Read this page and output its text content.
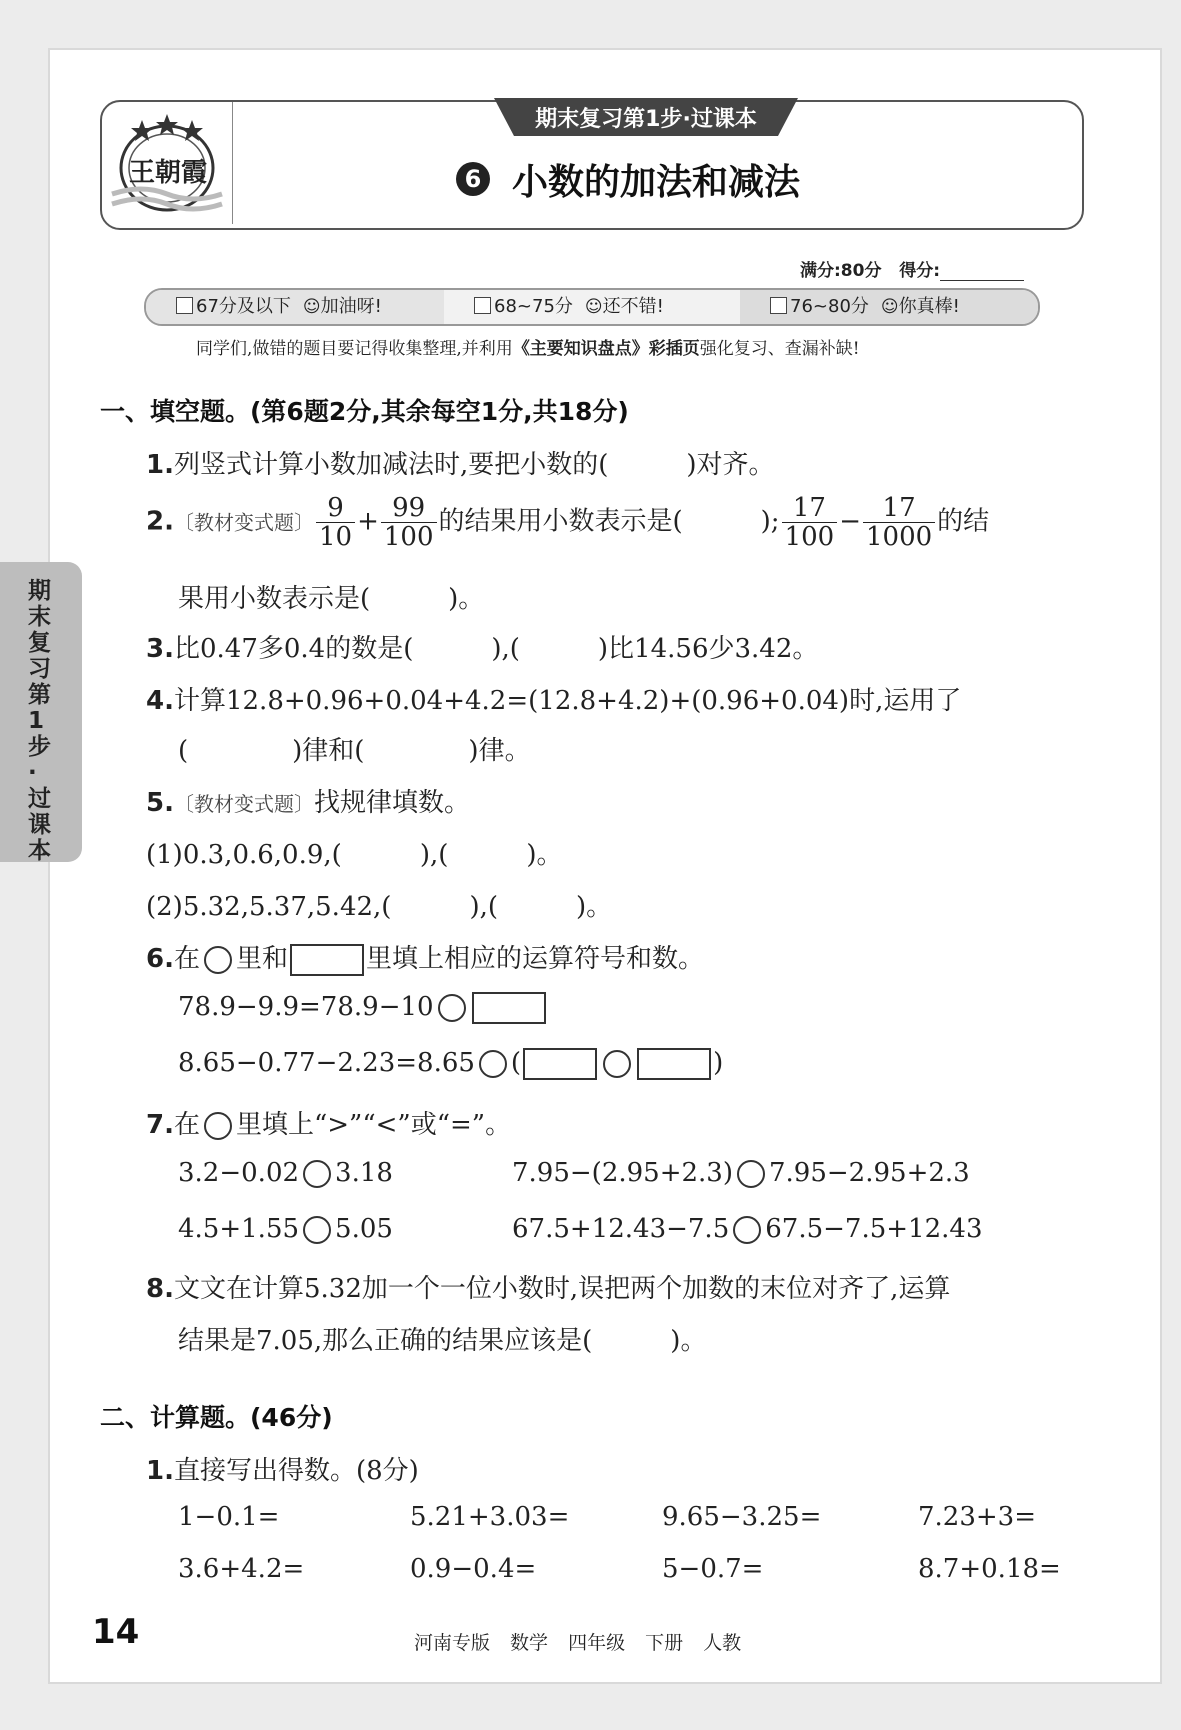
期末复习第1步·过课本
王朝霞
期末复习第1步·过课本
6 小数的加法和减法
满分:80分 得分:
67分及以下 ☺加油呀!	68~75分 ☺还不错!	76~80分 ☺你真棒!
同学们,做错的题目要记得收集整理,并利用《主要知识盘点》彩插页强化复习、查漏补缺!
一、填空题。(第6题2分,其余每空1分,共18分)
1.列竖式计算小数加减法时,要把小数的(　　　)对齐。
2.〔教材变式题〕 $\frac{9}{10} + \frac{99}{100}$ 的结果用小数表示是(　　　); $\frac{17}{100} - \frac{17}{1000}$ 的结
果用小数表示是(　　　)。
3.比0.47多0.4的数是(　　　),(　　　)比14.56少3.42。
4.计算12.8+0.96+0.04+4.2=(12.8+4.2)+(0.96+0.04)时,运用了
(　　　　)律和(　　　　)律。
5.〔教材变式题〕找规律填数。
(1)0.3,0.6,0.9,(　　　),(　　　)。
(2)5.32,5.37,5.42,(　　　),(　　　)。
6.在 里和	里填上相应的运算符号和数。
78.9−9.9=78.9−10
8.65−0.77−2.23=8.65 (	)
7.在 里填上“>”“<”或“=”。
3.2−0.02 3.18	7.95−(2.95+2.3) 7.95−2.95+2.3
4.5+1.55 5.05	67.5+12.43−7.5 67.5−7.5+12.43
8.文文在计算5.32加一个一位小数时,误把两个加数的末位对齐了,运算
结果是7.05,那么正确的结果应该是(　　　)。
二、计算题。(46分)
1.直接写出得数。(8分)
1−0.1=	5.21+3.03=	9.65−3.25=	7.23+3=
3.6+4.2=	0.9−0.4=	5−0.7=	8.7+0.18=
14	河南专版 数学 四年级 下册 人教
